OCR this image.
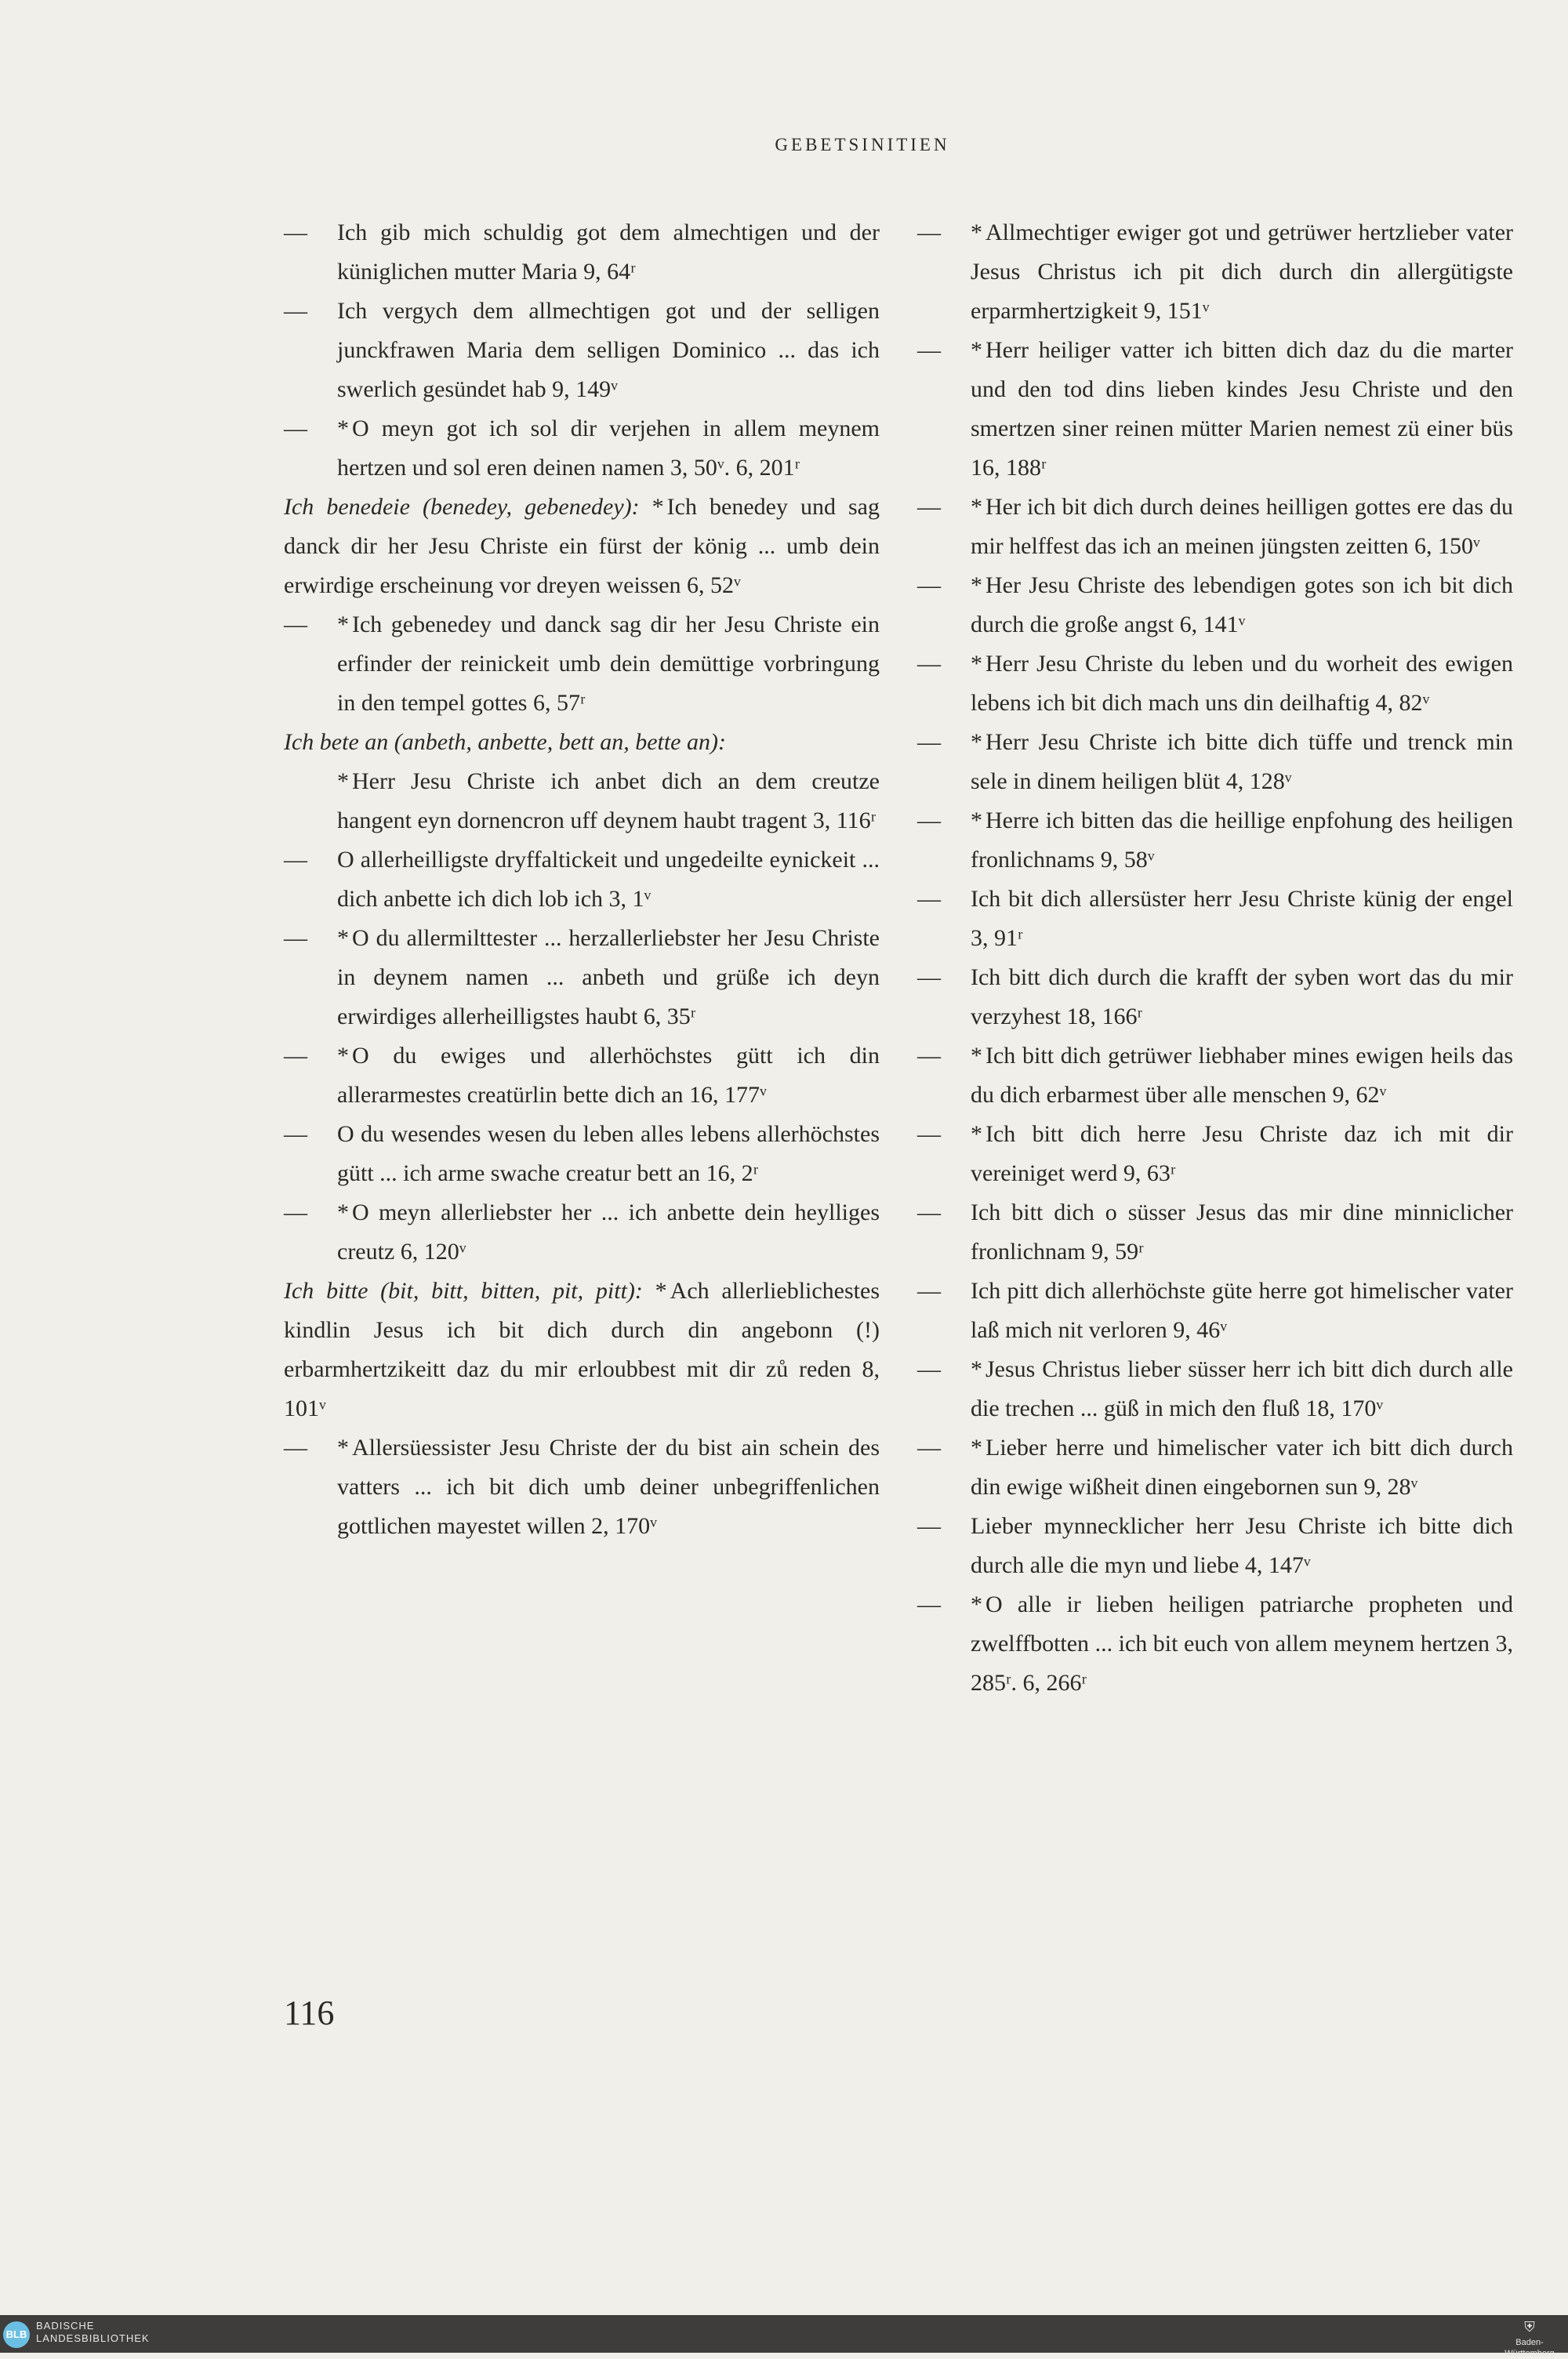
GEBETSINITIEN
—	Ich gib mich schuldig got dem almechtigen und der küniglichen mutter Maria 9, 64ʳ
—	Ich vergych dem allmechtigen got und der selligen junckfrawen Maria dem selligen Dominico ... das ich swerlich gesündet hab 9, 149ᵛ
—	* O meyn got ich sol dir verjehen in allem meynem hertzen und sol eren deinen namen 3, 50ᵛ. 6, 201ʳ
Ich benedeie (benedey, gebenedey): * Ich benedey und sag danck dir her Jesu Christe ein fürst der könig ... umb dein erwirdige erscheinung vor dreyen weissen 6, 52ᵛ
—	* Ich gebenedey und danck sag dir her Jesu Christe ein erfinder der reinickeit umb dein demüttige vorbringung in den tempel gottes 6, 57ʳ
Ich bete an (anbeth, anbette, bett an, bette an):
* Herr Jesu Christe ich anbet dich an dem creutze hangent eyn dornencron uff deynem haubt tragent 3, 116ʳ
—	O allerheilligste dryffaltickeit und ungedeilte eynickeit ... dich anbette ich dich lob ich 3, 1ᵛ
—	* O du allermilttester ... herzallerliebster her Jesu Christe in deynem namen ... anbeth und grüße ich deyn erwirdiges allerheilligstes haubt 6, 35ʳ
—	* O du ewiges und allerhöchstes gütt ich din allerarmestes creatürlin bette dich an 16, 177ᵛ
—	O du wesendes wesen du leben alles lebens allerhöchstes gütt ... ich arme swache creatur bett an 16, 2ʳ
—	* O meyn allerliebster her ... ich anbette dein heylliges creutz 6, 120ᵛ
Ich bitte (bit, bitt, bitten, pit, pitt): * Ach allerlieblichestes kindlin Jesus ich bit dich durch din angebonn (!) erbarmhertzikeitt daz du mir erloubbest mit dir zů reden 8, 101ᵛ
—	* Allersüessister Jesu Christe der du bist ain schein des vatters ... ich bit dich umb deiner unbegriffenlichen gottlichen mayestet willen 2, 170ᵛ
—	* Allmechtiger ewiger got und getrüwer hertzlieber vater Jesus Christus ich pit dich durch din allergütigste erparmhertzigkeit 9, 151ᵛ
—	* Herr heiliger vatter ich bitten dich daz du die marter und den tod dins lieben kindes Jesu Christe und den smertzen siner reinen mütter Marien nemest zü einer büs 16, 188ʳ
—	* Her ich bit dich durch deines heilligen gottes ere das du mir helffest das ich an meinen jüngsten zeitten 6, 150ᵛ
—	* Her Jesu Christe des lebendigen gotes son ich bit dich durch die große angst 6, 141ᵛ
—	* Herr Jesu Christe du leben und du worheit des ewigen lebens ich bit dich mach uns din deilhaftig 4, 82ᵛ
—	* Herr Jesu Christe ich bitte dich tüffe und trenck min sele in dinem heiligen blüt 4, 128ᵛ
—	* Herre ich bitten das die heillige enpfohung des heiligen fronlichnams 9, 58ᵛ
—	Ich bit dich allersüster herr Jesu Christe künig der engel 3, 91ʳ
—	Ich bitt dich durch die krafft der syben wort das du mir verzyhest 18, 166ʳ
—	* Ich bitt dich getrüwer liebhaber mines ewigen heils das du dich erbarmest über alle menschen 9, 62ᵛ
—	* Ich bitt dich herre Jesu Christe daz ich mit dir vereiniget werd 9, 63ʳ
—	Ich bitt dich o süsser Jesus das mir dine minniclicher fronlichnam 9, 59ʳ
—	Ich pitt dich allerhöchste güte herre got himelischer vater laß mich nit verloren 9, 46ᵛ
—	* Jesus Christus lieber süsser herr ich bitt dich durch alle die trechen ... güß in mich den fluß 18, 170ᵛ
—	* Lieber herre und himelischer vater ich bitt dich durch din ewige wißheit dinen eingebornen sun 9, 28ᵛ
—	Lieber mynnecklicher herr Jesu Christe ich bitte dich durch alle die myn und liebe 4, 147ᵛ
—	* O alle ir lieben heiligen patriarche propheten und zwelffbotten ... ich bit euch von allem meynem hertzen 3, 285ʳ. 6, 266ʳ
116
BLB
BADISCHE
LANDESBIBLIOTHEK
⛨
Baden-Württemberg
